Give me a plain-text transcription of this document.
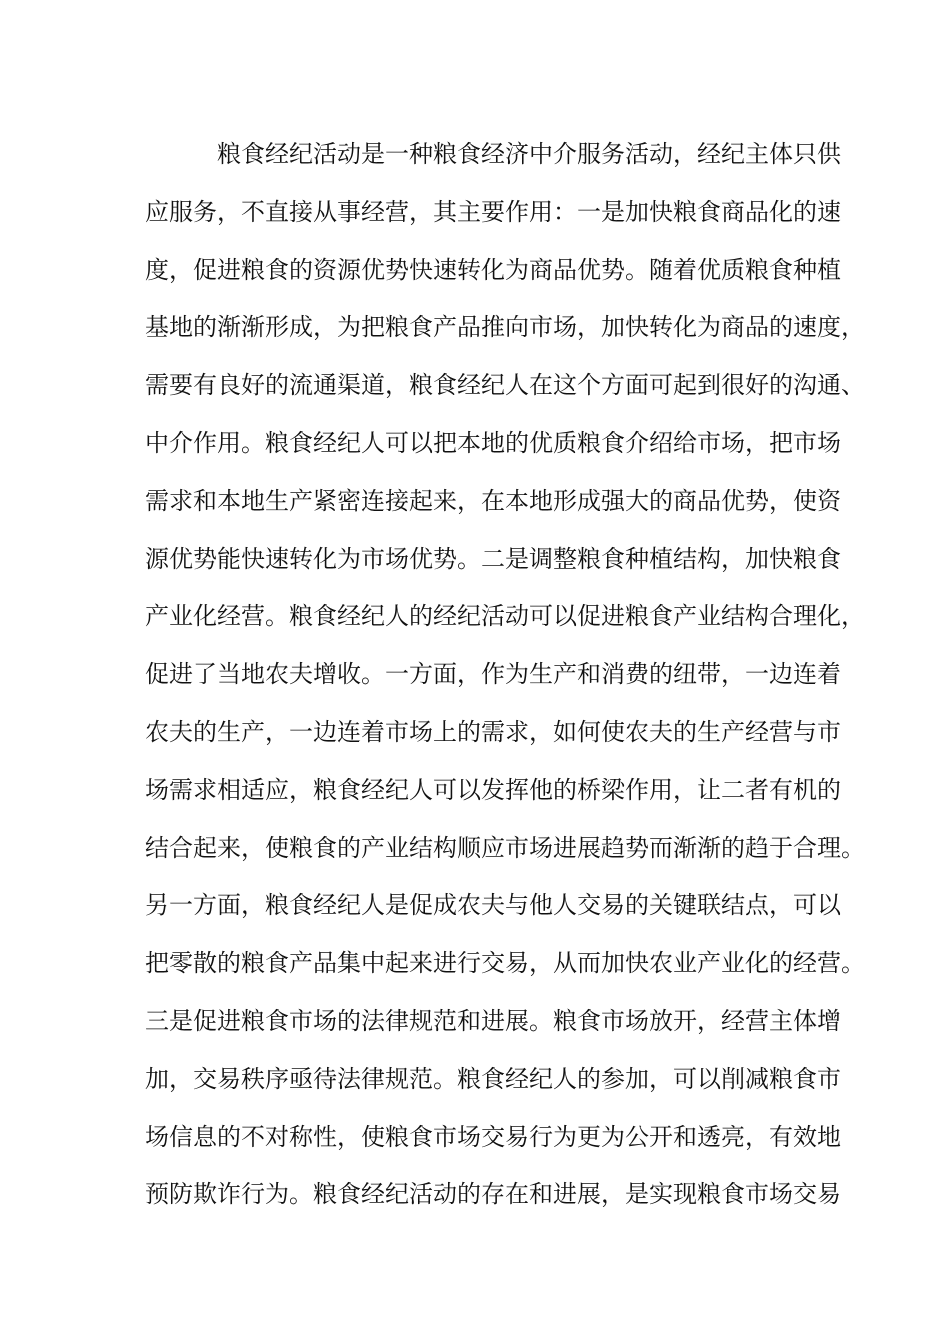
粮食经纪活动是一种粮食经济中介服务活动，经纪主体只供
应服务，不直接从事经营，其主要作用：一是加快粮食商品化的速
度，促进粮食的资源优势快速转化为商品优势。随着优质粮食种植
基地的渐渐形成，为把粮食产品推向市场，加快转化为商品的速度，
需要有良好的流通渠道，粮食经纪人在这个方面可起到很好的沟通、
中介作用。粮食经纪人可以把本地的优质粮食介绍给市场，把市场
需求和本地生产紧密连接起来，在本地形成强大的商品优势，使资
源优势能快速转化为市场优势。二是调整粮食种植结构，加快粮食
产业化经营。粮食经纪人的经纪活动可以促进粮食产业结构合理化，
促进了当地农夫增收。一方面，作为生产和消费的纽带，一边连着
农夫的生产，一边连着市场上的需求，如何使农夫的生产经营与市
场需求相适应，粮食经纪人可以发挥他的桥梁作用，让二者有机的
结合起来，使粮食的产业结构顺应市场进展趋势而渐渐的趋于合理。
另一方面，粮食经纪人是促成农夫与他人交易的关键联结点，可以
把零散的粮食产品集中起来进行交易，从而加快农业产业化的经营。
三是促进粮食市场的法律规范和进展。粮食市场放开，经营主体增
加，交易秩序亟待法律规范。粮食经纪人的参加，可以削减粮食市
场信息的不对称性，使粮食市场交易行为更为公开和透亮，有效地
预防欺诈行为。粮食经纪活动的存在和进展，是实现粮食市场交易
